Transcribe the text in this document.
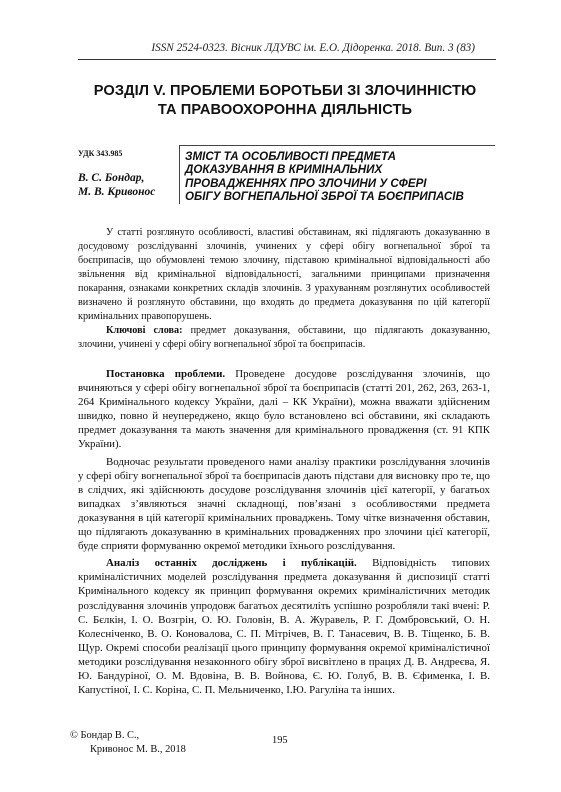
ISSN 2524-0323. Вісник ЛДУВС ім. Е.О. Дідоренка. 2018. Вип. 3 (83)
РОЗДІЛ V. ПРОБЛЕМИ БОРОТЬБИ ЗІ ЗЛОЧИННІСТЮ
ТА ПРАВООХОРОННА ДІЯЛЬНІСТЬ
УДК 343.985
В. С. Бондар,
М. В. Кривонос
ЗМІСТ ТА ОСОБЛИВОСТІ ПРЕДМЕТА
ДОКАЗУВАННЯ В КРИМІНАЛЬНИХ
ПРОВАДЖЕННЯХ ПРО ЗЛОЧИНИ У СФЕРІ
ОБІГУ ВОГНЕПАЛЬНОЇ ЗБРОЇ ТА БОЄПРИПАСІВ

У статті розглянуто особливості, властиві обставинам, які підлягають доказуванню в досудовому розслідуванні злочинів, учинених у сфері обігу вогнепальної зброї та боєприпасів, що обумовлені темою злочину, підставою кримінальної відповідальності або звільнення від кримінальної відповідальності, загальними принципами призначення покарання, ознаками конкретних складів злочинів. З урахуванням розглянутих особливостей визначено й розглянуто обставини, що входять до предмета доказування по цій категорії кримінальних правопорушень.

Ключові слова: предмет доказування, обставини, що підлягають доказуванню, злочини, учинені у сфері обігу вогнепальної зброї та боєприпасів.

Постановка проблеми. Проведене досудове розслідування злочинів, що вчиняються у сфері обігу вогнепальної зброї та боєприпасів (статті 201, 262, 263, 263-1, 264 Кримінального кодексу України, далі – КК України), можна вважати здійсненим швидко, повно й неупереджено, якщо було встановлено всі обставини, які складають предмет доказування та мають значення для кримінального провадження (ст. 91 КПК України).

Водночас результати проведеного нами аналізу практики розслідування злочинів у сфері обігу вогнепальної зброї та боєприпасів дають підстави для висновку про те, що в слідчих, які здійснюють досудове розслідування злочинів цієї категорії, у багатьох випадках з’являються значні складнощі, пов’язані з особливостями предмета доказування в цій категорії кримінальних проваджень. Тому чітке визначення обставин, що підлягають доказуванню в кримінальних провадженнях про злочини цієї категорії, буде сприяти формуванню окремої методики їхнього розслідування.

Аналіз останніх досліджень і публікацій. Відповідність типових криміналістичних моделей розслідування предмета доказування й диспозиції статті Кримінального кодексу як принцип формування окремих криміналістичних методик розслідування злочинів упродовж багатьох десятиліть успішно розробляли такі вчені: Р. С. Бєлкін, І. О. Возгрін, О. Ю. Головін, В. А. Журавель, Р. Г. Домбровський, О. Н. Колесніченко, В. О. Коновалова, С. П. Мітрічев, В. Г. Танасевич, В. В. Тіщенко, Б. В. Щур. Окремі способи реалізації цього принципу формування окремої криміналістичної методики розслідування незаконного обігу зброї висвітлено в працях Д. В. Андреєва, Я. Ю. Бандуріної, О. М. Вдовіна, В. В. Войнова, Є. Ю. Голуб, В. В. Єфименка, І. В. Капустіної, І. С. Коріна, С. П. Мельниченко, І.Ю. Рагуліна та інших.

© Бондар В. С.,
Кривонос М. В., 2018
195
